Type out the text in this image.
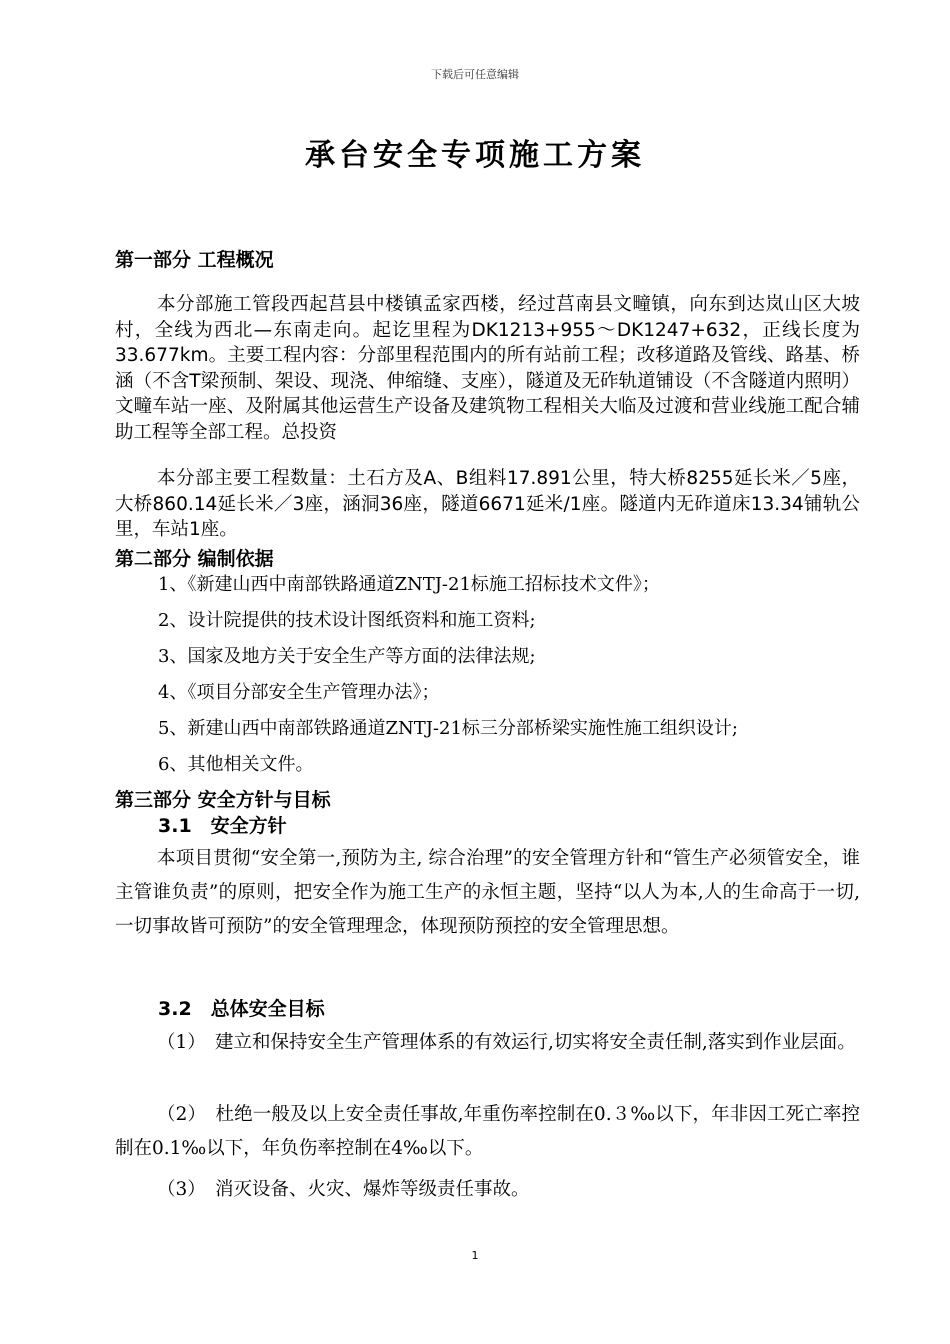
下载后可任意编辑
承台安全专项施工方案
第一部分 工程概况
本分部施工管段西起莒县中楼镇孟家西楼，经过莒南县文疃镇，向东到达岚山区大坡村，全线为西北—东南走向。起讫里程为DK1213+955～DK1247+632，正线长度为33.677km。主要工程内容：分部里程范围内的所有站前工程；改移道路及管线、路基、桥涵（不含T梁预制、架设、现浇、伸缩缝、支座），隧道及无砟轨道铺设（不含隧道内照明）文疃车站一座、及附属其他运营生产设备及建筑物工程相关大临及过渡和营业线施工配合辅助工程等全部工程。总投资
本分部主要工程数量：土石方及A、B组料17.891公里，特大桥8255延长米／5座，大桥860.14延长米／3座，涵洞36座，隧道6671延米/1座。隧道内无砟道床13.34铺轨公里，车站1座。
第二部分 编制依据
1、《新建山西中南部铁路通道ZNTJ-21标施工招标技术文件》；
2、设计院提供的技术设计图纸资料和施工资料;
3、国家及地方关于安全生产等方面的法律法规;
4、《项目分部安全生产管理办法》；
5、新建山西中南部铁路通道ZNTJ-21标三分部桥梁实施性施工组织设计;
6、其他相关文件。
第三部分 安全方针与目标
3.1　安全方针
本项目贯彻“安全第一,预防为主, 综合治理”的安全管理方针和“管生产必须管安全，谁主管谁负责”的原则，把安全作为施工生产的永恒主题，坚持“以人为本,人的生命高于一切,一切事故皆可预防”的安全管理理念，体现预防预控的安全管理思想。
3.2　总体安全目标
（1）　建立和保持安全生产管理体系的有效运行,切实将安全责任制,落实到作业层面。
（2）　杜绝一般及以上安全责任事故,年重伤率控制在0.３‰以下，年非因工死亡率控制在0.1‰以下，年负伤率控制在4‰以下。
（3）　消灭设备、火灾、爆炸等级责任事故。
1
